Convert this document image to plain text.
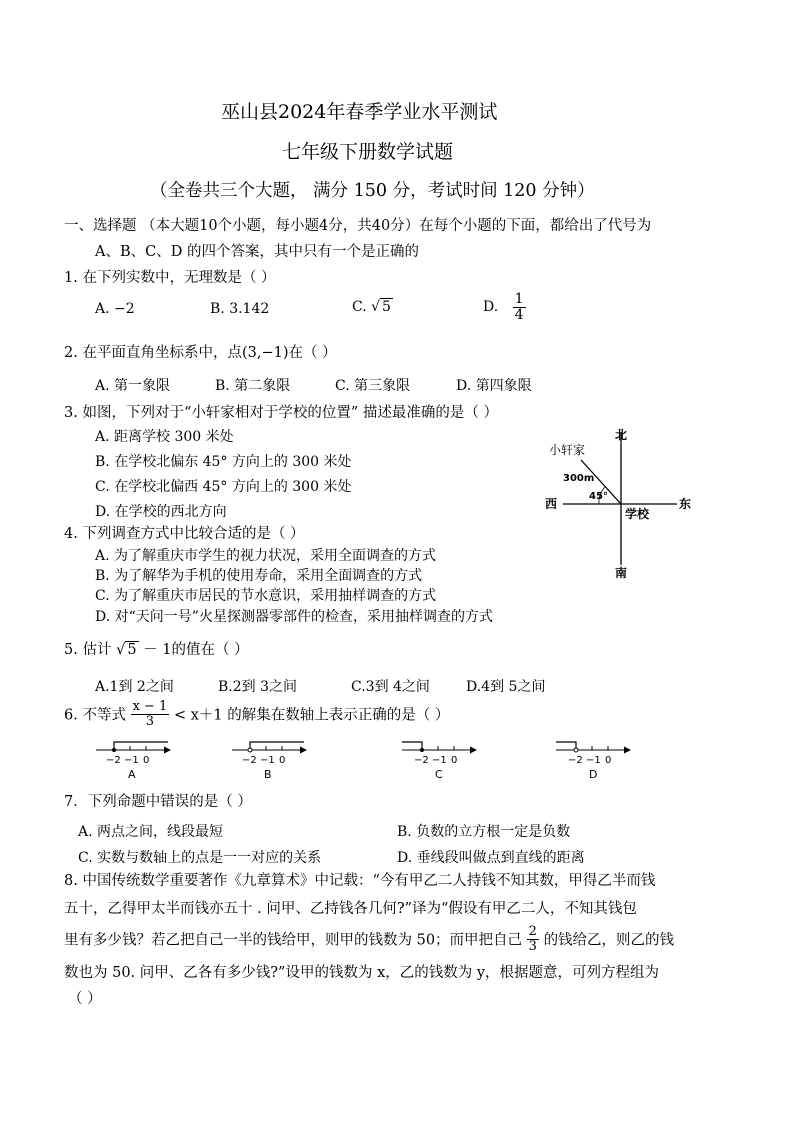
巫山县2024年春季学业水平测试
七年级下册数学试题
（全卷共三个大题， 满分 150 分，考试时间 120 分钟）
一、选择题 （本大题10个小题，每小题4分，共40分）在每个小题的下面，都给出了代号为
A、B、C、D 的四个答案，其中只有一个是正确的
1. 在下列实数中，无理数是（ ）
A. −2	B. 3.142	C. √ 5	D. $\frac{1}{4}$
2. 在平面直角坐标系中，点(3,−1)在（ ）
A. 第一象限	B. 第二象限	C. 第三象限	D. 第四象限
3. 如图，下列对于“小轩家相对于学校的位置” 描述最准确的是（ ）
A. 距离学校 300 米处
B. 在学校北偏东 45° 方向上的 300 米处
C. 在学校北偏西 45° 方向上的 300 米处
D. 在学校的西北方向
小轩家
北
南
东
西
学校
300m
45°
4. 下列调查方式中比较合适的是（ ）
A. 为了解重庆市学生的视力状况，采用全面调查的方式
B. 为了解华为手机的使用寿命，采用全面调查的方式
C. 为了解重庆市居民的节水意识，采用抽样调查的方式
D. 对“天问一号”火星探测器零部件的检查，采用抽样调查的方式
5. 估计 √ 5 － 1的值在（ ）
A.1到 2之间	B.2到 3之间	C.3到 4之间	D.4到 5之间
6. 不等式 $\frac{x - 1}{3} < x+1$ 的解集在数轴上表示正确的是（ ）
−2 −1 0
A
−2 −1 0
B
−2 −1 0
C
−2 −1 0
D
7．下列命题中错误的是（ ）
A. 两点之间，线段最短	B. 负数的立方根一定是负数
C. 实数与数轴上的点是一一对应的关系	D. 垂线段叫做点到直线的距离
8. 中国传统数学重要著作《九章算术》中记载：“今有甲乙二人持钱不知其数，甲得乙半而钱
五十，乙得甲太半而钱亦五十 . 问甲、乙持钱各几何?”译为“假设有甲乙二人，不知其钱包
里有多少钱？若乙把自己一半的钱给甲，则甲的钱数为 50；而甲把自己 $\frac{2}{3}$ 的钱给乙，则乙的钱
数也为 50. 问甲、乙各有多少钱?”设甲的钱数为 x，乙的钱数为 y，根据题意，可列方程组为
（ ）
